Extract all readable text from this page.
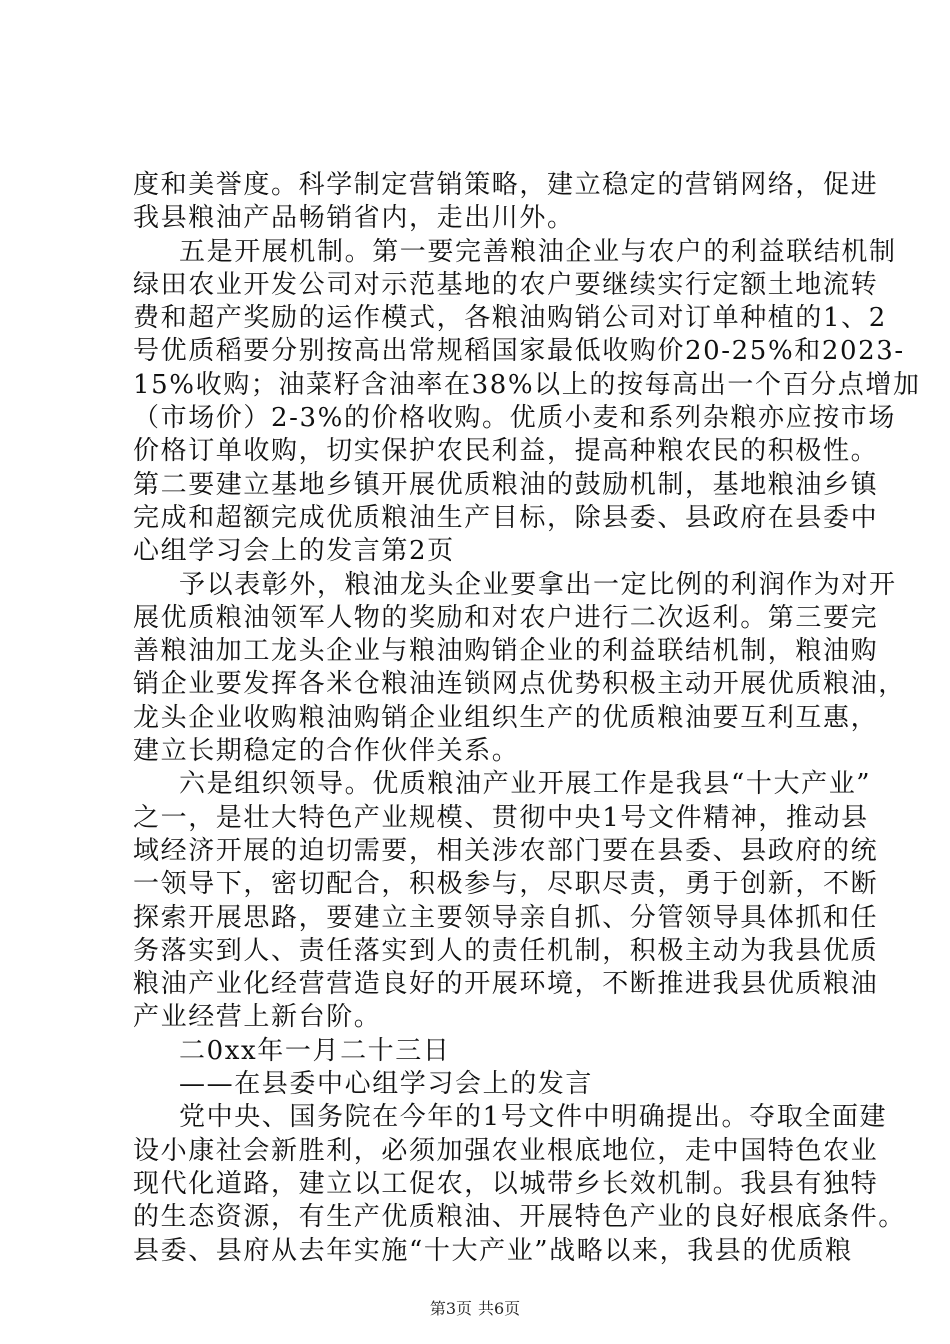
度和美誉度。科学制定营销策略，建立稳定的营销网络，促进
我县粮油产品畅销省内，走出川外。
五是开展机制。第一要完善粮油企业与农户的利益联结机制
绿田农业开发公司对示范基地的农户要继续实行定额土地流转
费和超产奖励的运作模式，各粮油购销公司对订单种植的1、2
号优质稻要分别按高出常规稻国家最低收购价20-25%和2023-
15%收购；油菜籽含油率在38%以上的按每高出一个百分点增加
（市场价）2-3%的价格收购。优质小麦和系列杂粮亦应按市场
价格订单收购，切实保护农民利益，提高种粮农民的积极性。
第二要建立基地乡镇开展优质粮油的鼓励机制，基地粮油乡镇
完成和超额完成优质粮油生产目标，除县委、县政府在县委中
心组学习会上的发言第2页
予以表彰外，粮油龙头企业要拿出一定比例的利润作为对开
展优质粮油领军人物的奖励和对农户进行二次返利。第三要完
善粮油加工龙头企业与粮油购销企业的利益联结机制，粮油购
销企业要发挥各米仓粮油连锁网点优势积极主动开展优质粮油，
龙头企业收购粮油购销企业组织生产的优质粮油要互利互惠，
建立长期稳定的合作伙伴关系。
六是组织领导。优质粮油产业开展工作是我县“十大产业”
之一，是壮大特色产业规模、贯彻中央1号文件精神，推动县
域经济开展的迫切需要，相关涉农部门要在县委、县政府的统
一领导下，密切配合，积极参与，尽职尽责，勇于创新，不断
探索开展思路，要建立主要领导亲自抓、分管领导具体抓和任
务落实到人、责任落实到人的责任机制，积极主动为我县优质
粮油产业化经营营造良好的开展环境，不断推进我县优质粮油
产业经营上新台阶。
二0xx年一月二十三日
——在县委中心组学习会上的发言
党中央、国务院在今年的1号文件中明确提出。夺取全面建
设小康社会新胜利，必须加强农业根底地位，走中国特色农业
现代化道路，建立以工促农，以城带乡长效机制。我县有独特
的生态资源，有生产优质粮油、开展特色产业的良好根底条件。
县委、县府从去年实施“十大产业”战略以来，我县的优质粮
第3页 共6页
